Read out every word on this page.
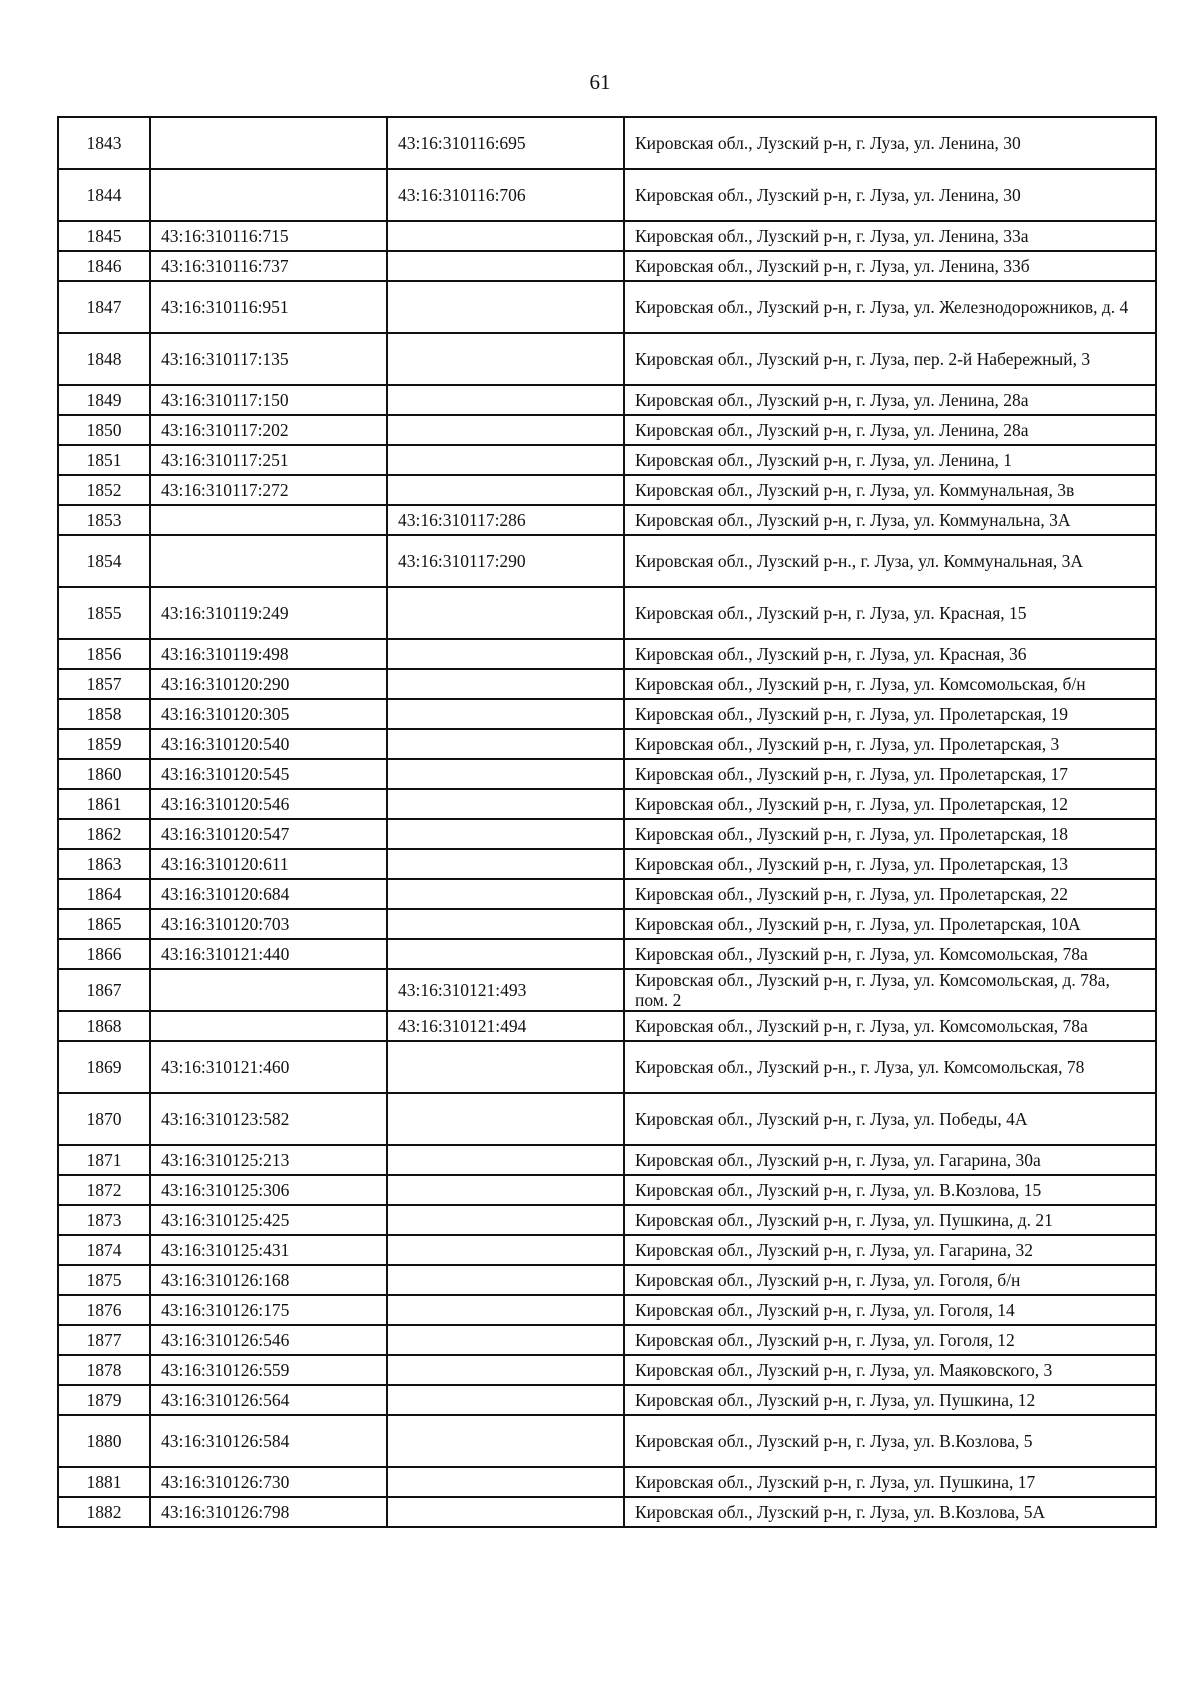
61
1843		43:16:310116:695	Кировская обл., Лузский р-н, г. Луза, ул. Ленина, 30
1844		43:16:310116:706	Кировская обл., Лузский р-н, г. Луза, ул. Ленина, 30
1845	43:16:310116:715		Кировская обл., Лузский р-н, г. Луза, ул. Ленина, 33а
1846	43:16:310116:737		Кировская обл., Лузский р-н, г. Луза, ул. Ленина, 33б
1847	43:16:310116:951		Кировская обл., Лузский р-н, г. Луза, ул. Железнодорожников, д. 4
1848	43:16:310117:135		Кировская обл., Лузский р-н, г. Луза, пер. 2-й Набережный, 3
1849	43:16:310117:150		Кировская обл., Лузский р-н, г. Луза, ул. Ленина, 28а
1850	43:16:310117:202		Кировская обл., Лузский р-н, г. Луза, ул. Ленина, 28а
1851	43:16:310117:251		Кировская обл., Лузский р-н, г. Луза, ул. Ленина, 1
1852	43:16:310117:272		Кировская обл., Лузский р-н, г. Луза, ул. Коммунальная, 3в
1853		43:16:310117:286	Кировская обл., Лузский р-н, г. Луза, ул. Коммунальна, 3А
1854		43:16:310117:290	Кировская обл., Лузский р-н., г. Луза, ул. Коммунальная, 3А
1855	43:16:310119:249		Кировская обл., Лузский р-н, г. Луза, ул. Красная, 15
1856	43:16:310119:498		Кировская обл., Лузский р-н, г. Луза, ул. Красная, 36
1857	43:16:310120:290		Кировская обл., Лузский р-н, г. Луза, ул. Комсомольская, б/н
1858	43:16:310120:305		Кировская обл., Лузский р-н, г. Луза, ул. Пролетарская, 19
1859	43:16:310120:540		Кировская обл., Лузский р-н, г. Луза, ул. Пролетарская, 3
1860	43:16:310120:545		Кировская обл., Лузский р-н, г. Луза, ул. Пролетарская, 17
1861	43:16:310120:546		Кировская обл., Лузский р-н, г. Луза, ул. Пролетарская, 12
1862	43:16:310120:547		Кировская обл., Лузский р-н, г. Луза, ул. Пролетарская, 18
1863	43:16:310120:611		Кировская обл., Лузский р-н, г. Луза, ул. Пролетарская, 13
1864	43:16:310120:684		Кировская обл., Лузский р-н, г. Луза, ул. Пролетарская, 22
1865	43:16:310120:703		Кировская обл., Лузский р-н, г. Луза, ул. Пролетарская, 10А
1866	43:16:310121:440		Кировская обл., Лузский р-н, г. Луза, ул. Комсомольская, 78а
1867		43:16:310121:493	Кировская обл., Лузский р-н, г. Луза, ул. Комсомольская, д. 78а, пом. 2
1868		43:16:310121:494	Кировская обл., Лузский р-н, г. Луза, ул. Комсомольская, 78а
1869	43:16:310121:460		Кировская обл., Лузский р-н., г. Луза, ул. Комсомольская, 78
1870	43:16:310123:582		Кировская обл., Лузский р-н, г. Луза, ул. Победы, 4А
1871	43:16:310125:213		Кировская обл., Лузский р-н, г. Луза, ул. Гагарина, 30а
1872	43:16:310125:306		Кировская обл., Лузский р-н, г. Луза, ул. В.Козлова, 15
1873	43:16:310125:425		Кировская обл., Лузский р-н, г. Луза, ул. Пушкина, д. 21
1874	43:16:310125:431		Кировская обл., Лузский р-н, г. Луза, ул. Гагарина, 32
1875	43:16:310126:168		Кировская обл., Лузский р-н, г. Луза, ул. Гоголя, б/н
1876	43:16:310126:175		Кировская обл., Лузский р-н, г. Луза, ул. Гоголя, 14
1877	43:16:310126:546		Кировская обл., Лузский р-н, г. Луза, ул. Гоголя, 12
1878	43:16:310126:559		Кировская обл., Лузский р-н, г. Луза, ул. Маяковского, 3
1879	43:16:310126:564		Кировская обл., Лузский р-н, г. Луза, ул. Пушкина, 12
1880	43:16:310126:584		Кировская обл., Лузский р-н, г. Луза, ул. В.Козлова, 5
1881	43:16:310126:730		Кировская обл., Лузский р-н, г. Луза, ул. Пушкина, 17
1882	43:16:310126:798		Кировская обл., Лузский р-н, г. Луза, ул. В.Козлова, 5А
